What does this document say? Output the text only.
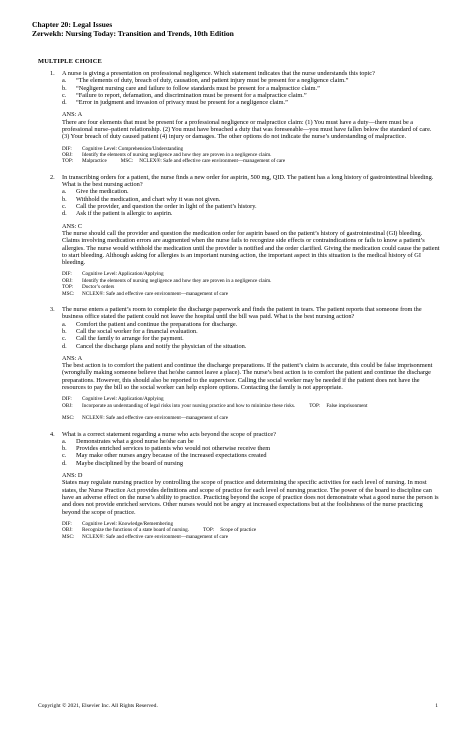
Chapter 20: Legal Issues
Zerwekh: Nursing Today: Transition and Trends, 10th Edition
MULTIPLE CHOICE
1. A nurse is giving a presentation on professional negligence. Which statement indicates that the nurse understands this topic?
a. “The elements of duty, breach of duty, causation, and patient injury must be present for a negligence claim.”
b. “Negligent nursing care and failure to follow standards must be present for a malpractice claim.”
c. “Failure to report, defamation, and discrimination must be present for a malpractice claim.”
d. “Error in judgment and invasion of privacy must be present for a negligence claim.”
ANS: A
There are four elements that must be present for a professional negligence or malpractice claim: (1) You must have a duty—there must be a professional nurse–patient relationship. (2) You must have breached a duty that was foreseeable—you must have fallen below the standard of care. (3) Your breach of duty caused patient (4) injury or damages. The other options do not indicate the nurse’s understanding of malpractice.
DIF: Cognitive Level: Comprehension/Understanding
OBJ: Identify the elements of nursing negligence and how they are proven in a negligence claim.
TOP: Malpractice	MSC: NCLEX®: Safe and effective care environment—management of care
2. In transcribing orders for a patient, the nurse finds a new order for aspirin, 500 mg, QID. The patient has a long history of gastrointestinal bleeding. What is the best nursing action?
a. Give the medication.
b. Withhold the medication, and chart why it was not given.
c. Call the provider, and question the order in light of the patient’s history.
d. Ask if the patient is allergic to aspirin.
ANS: C
The nurse should call the provider and question the medication order for aspirin based on the patient’s history of gastrointestinal (GI) bleeding. Claims involving medication errors are augmented when the nurse fails to recognize side effects or contraindications or fails to know a patient’s allergies. The nurse would withhold the medication until the provider is notified and the order clarified. Giving the medication could cause the patient to start bleeding. Although asking for allergies is an important nursing action, the important aspect in this situation is the medical history of GI bleeding.
DIF: Cognitive Level: Application/Applying
OBJ: Identify the elements of nursing negligence and how they are proven in a negligence claim.
TOP: Doctor’s orders
MSC: NCLEX®: Safe and effective care environment—management of care
3. The nurse enters a patient’s room to complete the discharge paperwork and finds the patient in tears. The patient reports that someone from the business office stated the patient could not leave the hospital until the bill was paid. What is the best nursing action?
a. Comfort the patient and continue the preparations for discharge.
b. Call the social worker for a financial evaluation.
c. Call the family to arrange for the payment.
d. Cancel the discharge plans and notify the physician of the situation.
ANS: A
The best action is to comfort the patient and continue the discharge preparations. If the patient’s claim is accurate, this could be false imprisonment (wrongfully making someone believe that he/she cannot leave a place). The nurse’s best action is to comfort the patient and continue the discharge preparations. However, this should also be reported to the supervisor. Calling the social worker may be needed if the patient does not have the resources to pay the bill so the social worker can help explore options. Contacting the family is not appropriate.
DIF: Cognitive Level: Application/Applying
OBJ: Incorporate an understanding of legal risks into your nursing practice and how to minimize these risks.	TOP: False imprisonment
MSC: NCLEX®: Safe and effective care environment—management of care
4. What is a correct statement regarding a nurse who acts beyond the scope of practice?
a. Demonstrates what a good nurse he/she can be
b. Provides enriched services to patients who would not otherwise receive them
c. May make other nurses angry because of the increased expectations created
d. Maybe disciplined by the board of nursing
ANS: D
States may regulate nursing practice by controlling the scope of practice and determining the specific activities for each level of nursing. In most states, the Nurse Practice Act provides definitions and scope of practice for each level of nursing practice. The power of the board to discipline can have an adverse effect on the nurse’s ability to practice. Practicing beyond the scope of practice does not demonstrate what a good nurse the person is and does not provide enriched services. Other nurses would not be angry at increased expectations but at the foolishness of the nurse practicing beyond the scope of practice.
DIF: Cognitive Level: Knowledge/Remembering
OBJ: Recognize the functions of a state board of nursing.	TOP: Scope of practice
MSC: NCLEX®: Safe and effective care environment—management of care
Copyright © 2021, Elsevier Inc. All Rights Reserved.	1
